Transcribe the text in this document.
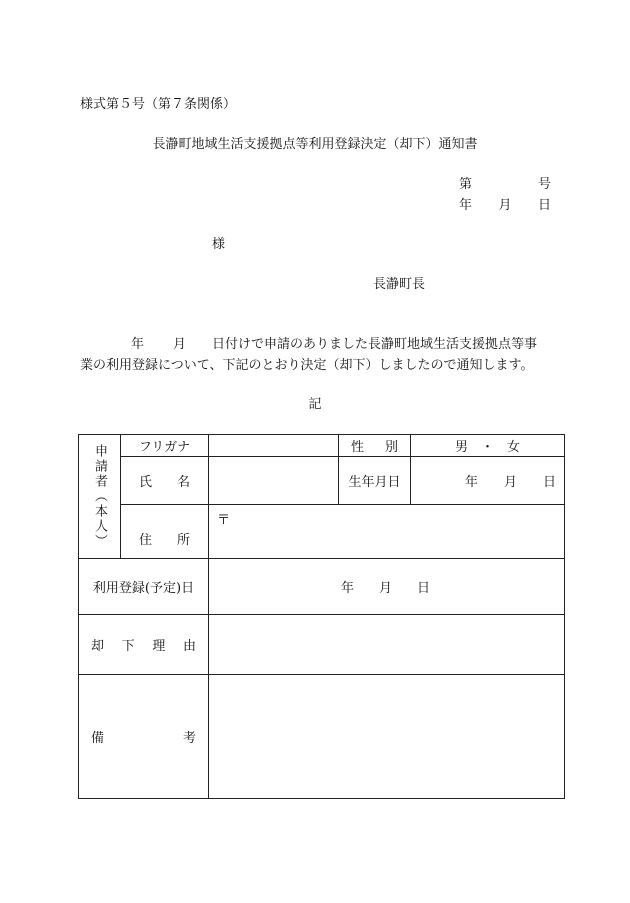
様式第５号（第７条関係）
長瀞町地域生活支援拠点等利用登録決定（却下）通知書
第	号
年 月 日
様
長瀞町長
年 月 日付けで申請のありました長瀞町地域生活支援拠点等事
業の利用登録について、下記のとおり決定（却下）しましたので通知します。
記
申請者（本人）	フリガナ		性 別	男　・　女

	氏 名		生年月日	年 月 日

	住 所	〒		

利用登録(予定)日		年 月 日		

却 下 理 由				

備 考				
